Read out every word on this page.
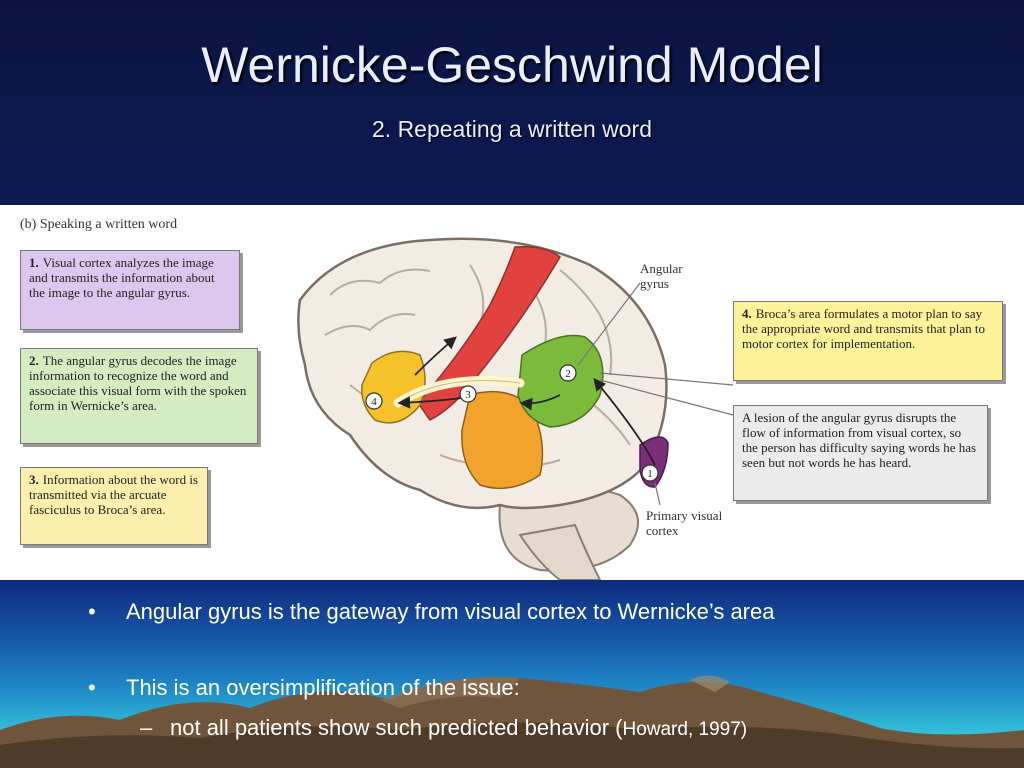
Wernicke-Geschwind Model
2. Repeating a written word
1
2
3
4
(b) Speaking a written word
1. Visual cortex analyzes the image and transmits the information about the image to the angular gyrus.
2. The angular gyrus decodes the image information to recognize the word and associate this visual form with the spoken form in Wernicke’s area.
3. Information about the word is transmitted via the arcuate fasciculus to Broca’s area.
4. Broca’s area formulates a motor plan to say the appropriate word and transmits that plan to motor cortex for implementation.
A lesion of the angular gyrus disrupts the flow of information from visual cortex, so the person has difficulty saying words he has seen but not words he has heard.
Angular gyrus
Primary visual cortex
• Angular gyrus is the gateway from visual cortex to Wernicke’s area
• This is an oversimplification of the issue:
– not all patients show such predicted behavior (Howard, 1997)
